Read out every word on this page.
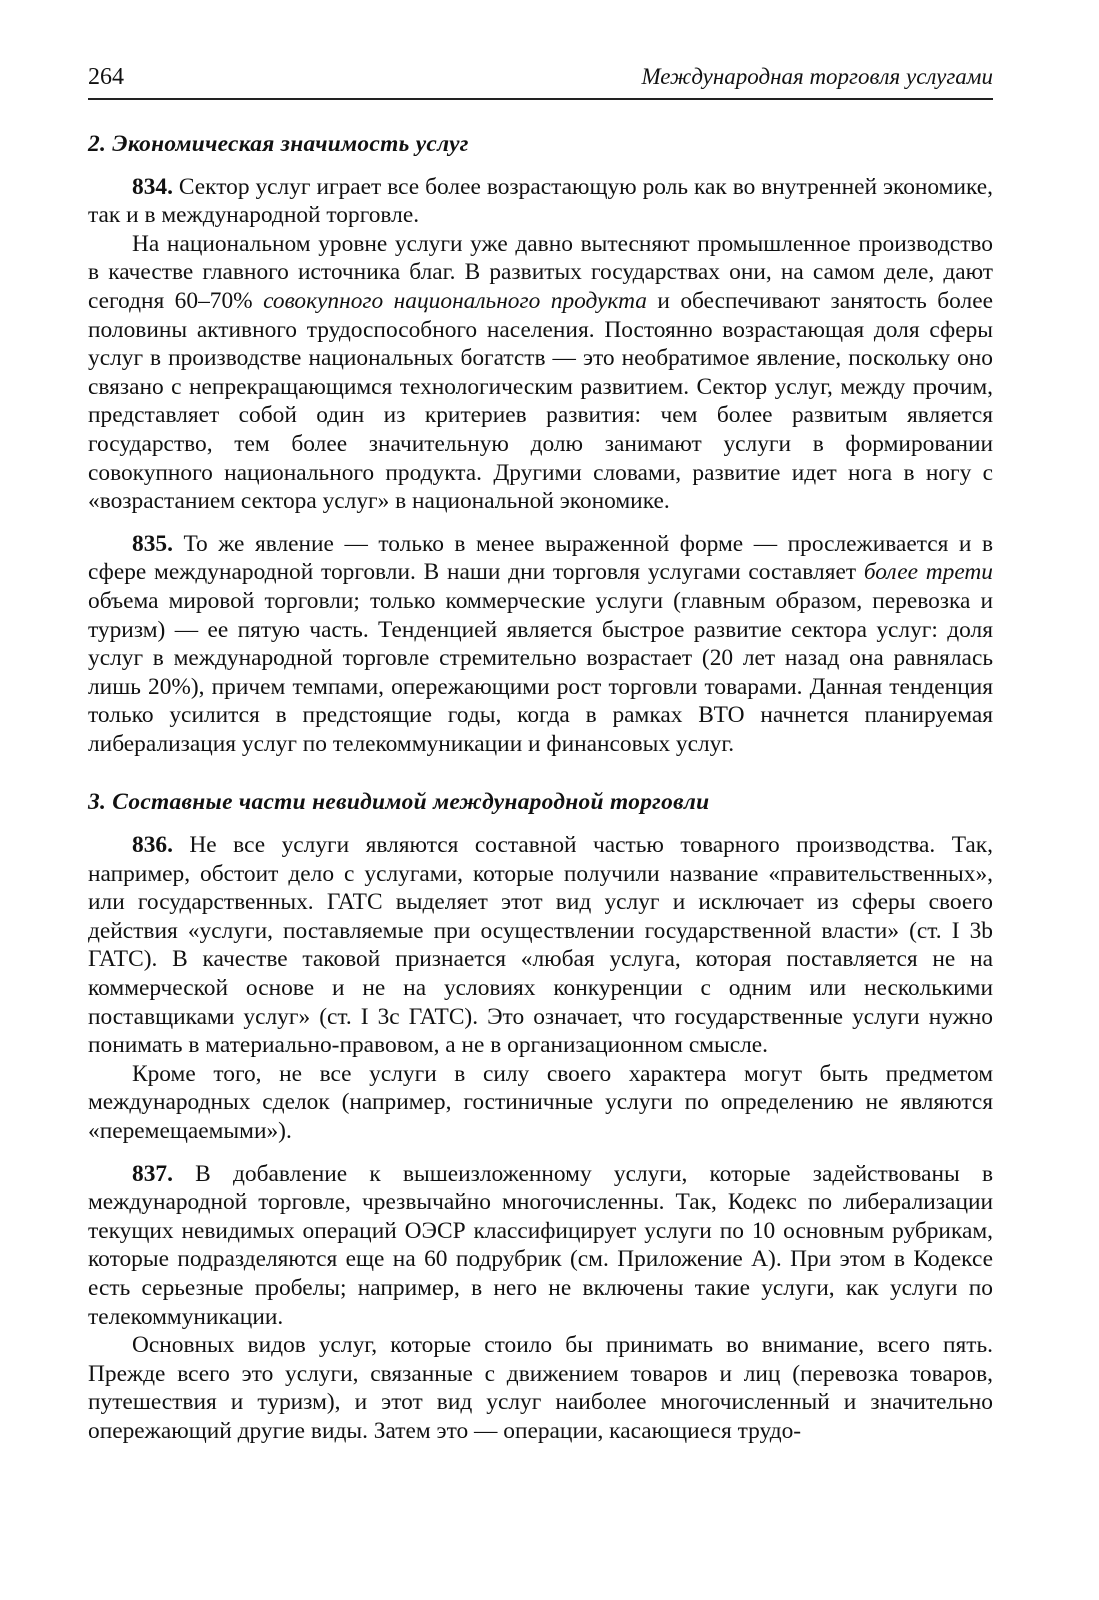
264	Международная торговля услугами
2. Экономическая значимость услуг

834. Сектор услуг играет все более возрастающую роль как во внутренней экономике, так и в международной торговле.

На национальном уровне услуги уже давно вытесняют промышленное производство в качестве главного источника благ. В развитых государствах они, на самом деле, дают сегодня 60–70% совокупного национального продукта и обеспечивают занятость более половины активного трудоспособного населения. Постоянно возрастающая доля сферы услуг в производстве национальных богатств — это необратимое явление, поскольку оно связано с непрекращающимся технологическим развитием. Сектор услуг, между прочим, представляет собой один из критериев развития: чем более развитым является государство, тем более значительную долю занимают услуги в формировании совокупного национального продукта. Другими словами, развитие идет нога в ногу с «возрастанием сектора услуг» в национальной экономике.

835. То же явление — только в менее выраженной форме — прослеживается и в сфере международной торговли. В наши дни торговля услугами составляет более трети объема мировой торговли; только коммерческие услуги (главным образом, перевозка и туризм) — ее пятую часть. Тенденцией является быстрое развитие сектора услуг: доля услуг в международной торговле стремительно возрастает (20 лет назад она равнялась лишь 20%), причем темпами, опережающими рост торговли товарами. Данная тенденция только усилится в предстоящие годы, когда в рамках ВТО начнется планируемая либерализация услуг по телекоммуникации и финансовых услуг.

3. Составные части невидимой международной торговли

836. Не все услуги являются составной частью товарного производства. Так, например, обстоит дело с услугами, которые получили название «правительственных», или государственных. ГАТС выделяет этот вид услуг и исключает из сферы своего действия «услуги, поставляемые при осуществлении государственной власти» (ст. I 3b ГАТС). В качестве таковой признается «любая услуга, которая поставляется не на коммерческой основе и не на условиях конкуренции с одним или несколькими поставщиками услуг» (ст. I 3с ГАТС). Это означает, что государственные услуги нужно понимать в материально-правовом, а не в организационном смысле.

Кроме того, не все услуги в силу своего характера могут быть предметом международных сделок (например, гостиничные услуги по определению не являются «перемещаемыми»).

837. В добавление к вышеизложенному услуги, которые задействованы в международной торговле, чрезвычайно многочисленны. Так, Кодекс по либерализации текущих невидимых операций ОЭСР классифицирует услуги по 10 основным рубрикам, которые подразделяются еще на 60 подрубрик (см. Приложение А). При этом в Кодексе есть серьезные пробелы; например, в него не включены такие услуги, как услуги по телекоммуникации.

Основных видов услуг, которые стоило бы принимать во внимание, всего пять. Прежде всего это услуги, связанные с движением товаров и лиц (перевозка товаров, путешествия и туризм), и этот вид услуг наиболее многочисленный и значительно опережающий другие виды. Затем это — операции, касающиеся трудо-
